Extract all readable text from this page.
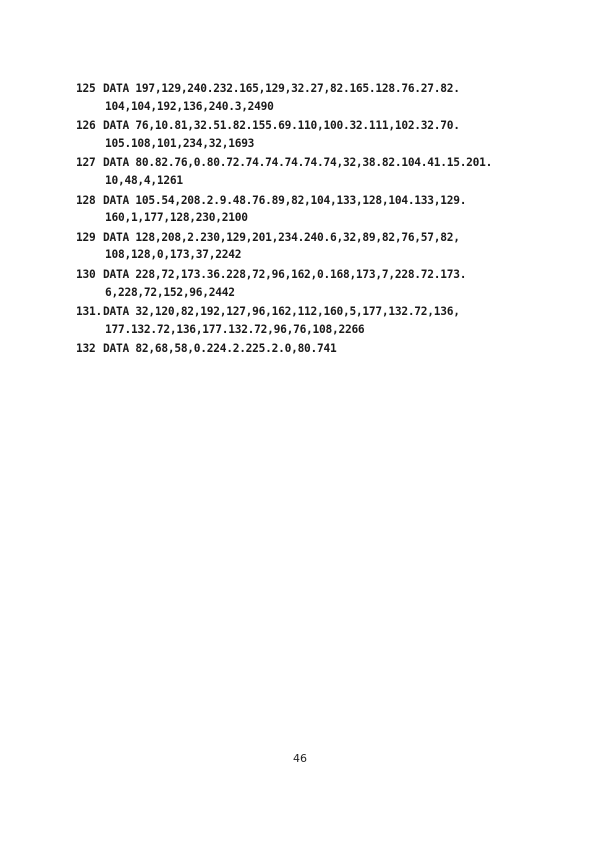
125 DATA 197,129,240.232.165,129,32.27,82.165.128.76.27.82.
104,104,192,136,240.3,2490
126 DATA 76,10.81,32.51.82.155.69.110,100.32.111,102.32.70.
105.108,101,234,32,1693
127 DATA 80.82.76,0.80.72.74.74.74.74.74,32,38.82.104.41.15.201.
10,48,4,1261
128 DATA 105.54,208.2.9.48.76.89,82,104,133,128,104.133,129.
160,1,177,128,230,2100
129 DATA 128,208,2.230,129,201,234.240.6,32,89,82,76,57,82,
108,128,0,173,37,2242
130 DATA 228,72,173.36.228,72,96,162,0.168,173,7,228.72.173.
6,228,72,152,96,2442
131.DATA 32,120,82,192,127,96,162,112,160,5,177,132.72,136,
177.132.72,136,177.132.72,96,76,108,2266
132 DATA 82,68,58,0.224.2.225.2.0,80.741
46
